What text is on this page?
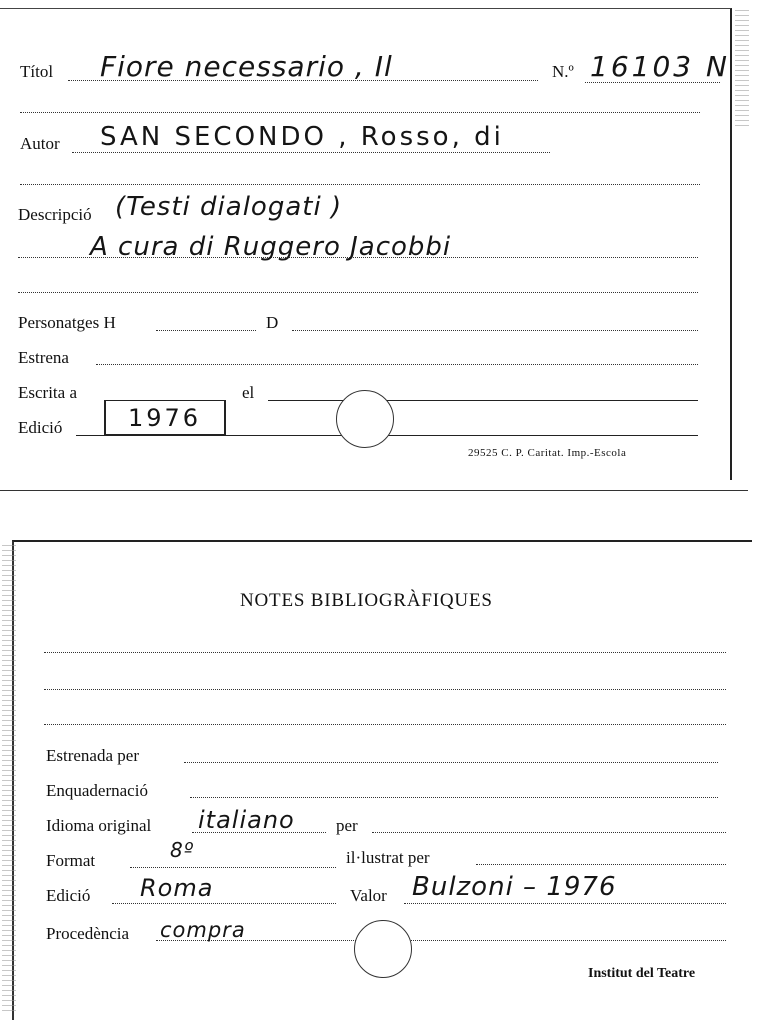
Títol Fiore necessario , Il	N.º 16103 N
Autor SAN SECONDO , Rosso, di
Descripció (Testi dialogati )
A cura di Ruggero Jacobbi
Personatges H	D
Estrena
Escrita a	el
Edició	1976
29525 C. P. Caritat. Imp.-Escola
NOTES BIBLIOGRÀFIQUES
Estrenada per
Enquadernació
Idioma original italiano per
Format	8º	il·lustrat per
Edició Roma	Valor Bulzoni – 1976
Procedència compra
Institut del Teatre
